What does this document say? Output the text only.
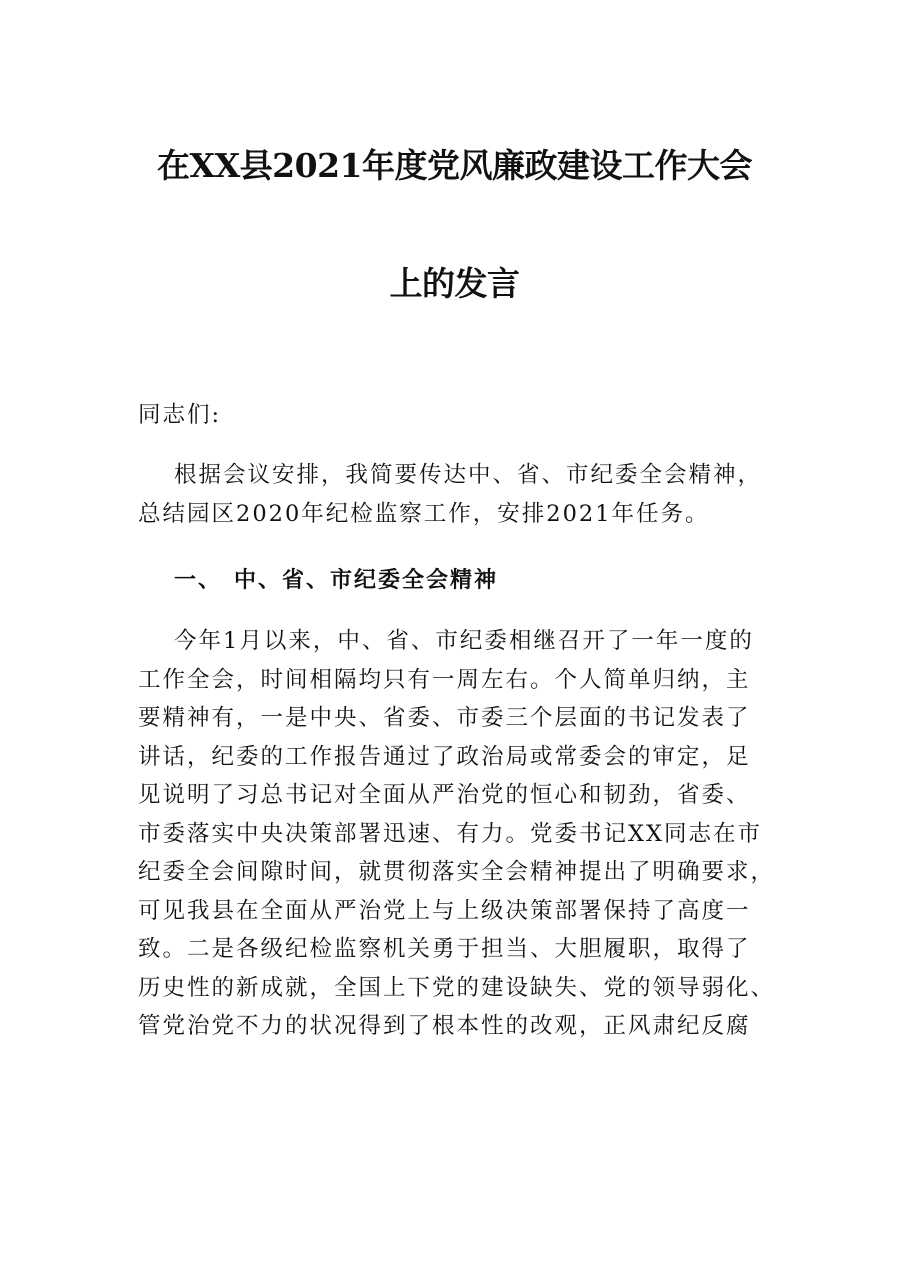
在XX县2021年度党风廉政建设工作大会
上的发言
同志们:
根据会议安排，我简要传达中、省、市纪委全会精神，
总结园区2020年纪检监察工作，安排2021年任务。
一、 中、省、市纪委全会精神
今年1月以来，中、省、市纪委相继召开了一年一度的
工作全会，时间相隔均只有一周左右。个人简单归纳，主
要精神有，一是中央、省委、市委三个层面的书记发表了
讲话，纪委的工作报告通过了政治局或常委会的审定，足
见说明了习总书记对全面从严治党的恒心和韧劲，省委、
市委落实中央决策部署迅速、有力。党委书记XX同志在市
纪委全会间隙时间，就贯彻落实全会精神提出了明确要求，
可见我县在全面从严治党上与上级决策部署保持了高度一
致。二是各级纪检监察机关勇于担当、大胆履职，取得了
历史性的新成就，全国上下党的建设缺失、党的领导弱化、
管党治党不力的状况得到了根本性的改观，正风肃纪反腐
